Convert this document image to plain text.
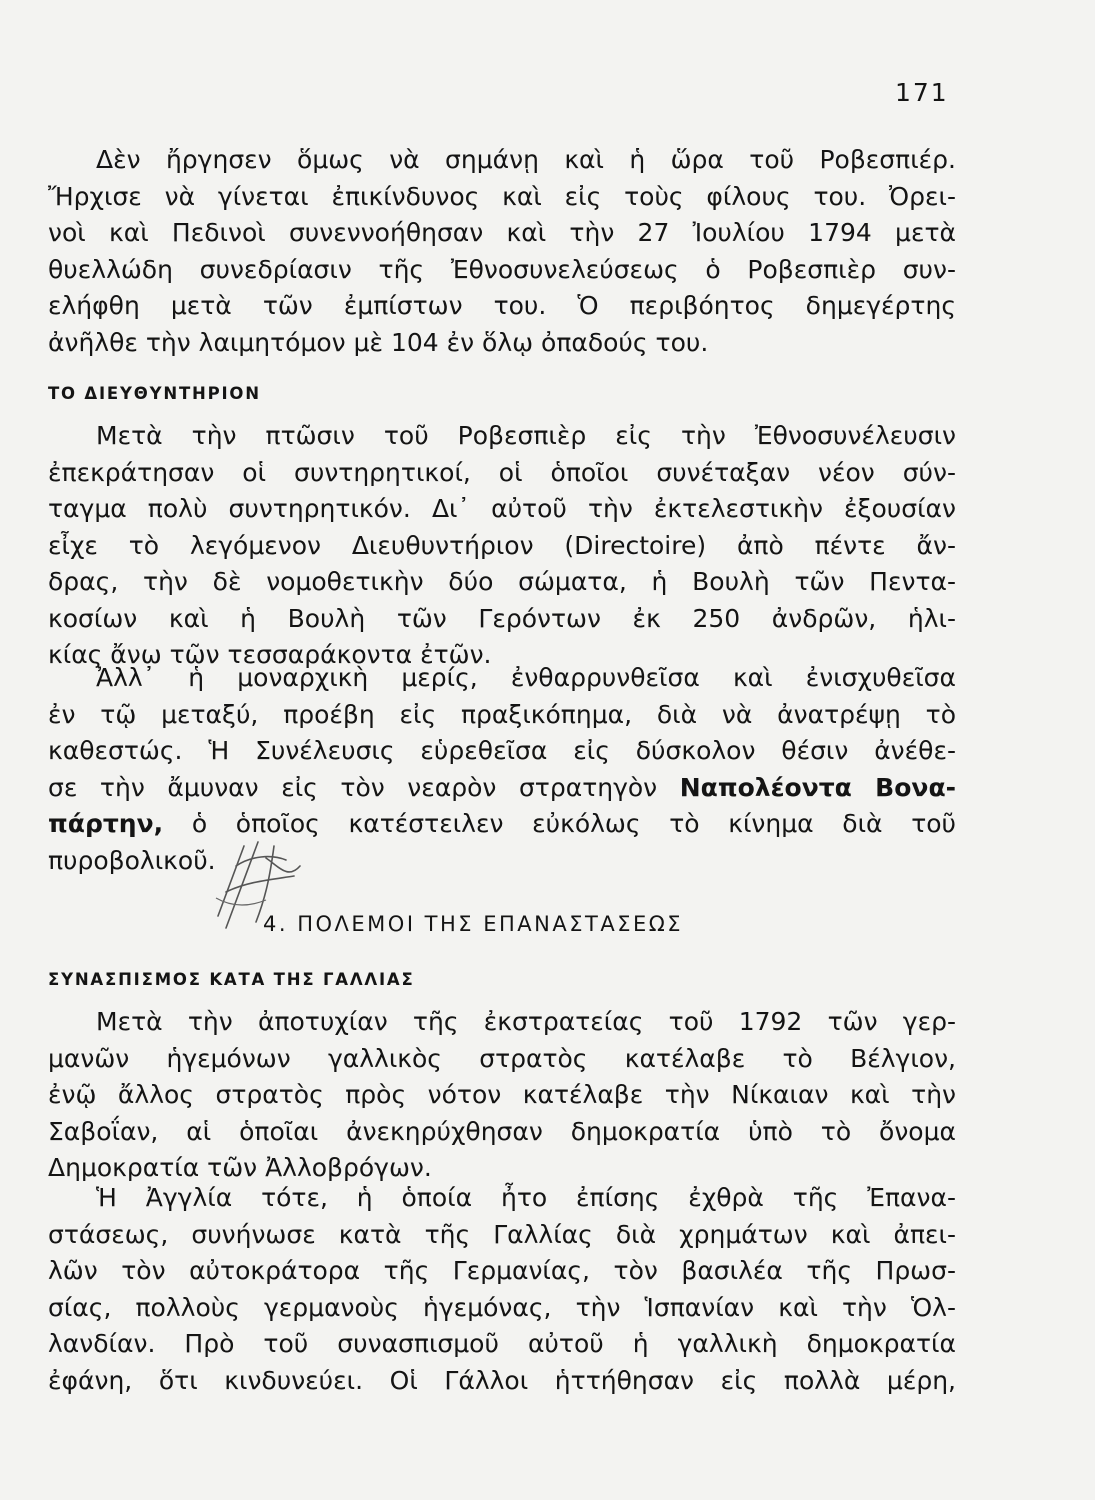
171
Δὲν ἤργησεν ὅμως νὰ σημάνῃ καὶ ἡ ὥρα τοῦ Ροβεσπιέρ.
Ἤρχισε νὰ γίνεται ἐπικίνδυνος καὶ εἰς τοὺς φίλους του. Ὀρει-
νοὶ καὶ Πεδινοὶ συνεννοήθησαν καὶ τὴν 27 Ἰουλίου 1794 μετὰ
θυελλώδη συνεδρίασιν τῆς Ἐθνοσυνελεύσεως ὁ Ροβεσπιὲρ συν-
ελήφθη μετὰ τῶν ἐμπίστων του. Ὁ περιβόητος δημεγέρτης
ἀνῆλθε τὴν λαιμητόμον μὲ 104 ἐν ὅλῳ ὀπαδούς του.
ΤΟ ΔΙΕΥΘΥΝΤΗΡΙΟΝ
Μετὰ τὴν πτῶσιν τοῦ Ροβεσπιὲρ εἰς τὴν Ἐθνοσυνέλευσιν
ἐπεκράτησαν οἱ συντηρητικοί, οἱ ὁποῖοι συνέταξαν νέον σύν-
ταγμα πολὺ συντηρητικόν. Δι᾽ αὐτοῦ τὴν ἐκτελεστικὴν ἐξουσίαν
εἶχε τὸ λεγόμενον Διευθυντήριον (Directoire) ἀπὸ πέντε ἄν-
δρας, τὴν δὲ νομοθετικὴν δύο σώματα, ἡ Βουλὴ τῶν Πεντα-
κοσίων καὶ ἡ Βουλὴ τῶν Γερόντων ἐκ 250 ἀνδρῶν, ἡλι-
κίας ἄνω τῶν τεσσαράκοντα ἐτῶν.
Ἀλλ᾽ ἡ μοναρχικὴ μερίς, ἐνθαρρυνθεῖσα καὶ ἐνισχυθεῖσα
ἐν τῷ μεταξύ, προέβη εἰς πραξικόπημα, διὰ νὰ ἀνατρέψῃ τὸ
καθεστώς. Ἡ Συνέλευσις εὑρεθεῖσα εἰς δύσκολον θέσιν ἀνέθε-
σε τὴν ἄμυναν εἰς τὸν νεαρὸν στρατηγὸν Ναπολέοντα Βονα-
πάρτην, ὁ ὁποῖος κατέστειλεν εὐκόλως τὸ κίνημα διὰ τοῦ
πυροβολικοῦ.
4. ΠΟΛΕΜΟΙ ΤΗΣ ΕΠΑΝΑΣΤΑΣΕΩΣ
ΣΥΝΑΣΠΙΣΜΟΣ ΚΑΤΑ ΤΗΣ ΓΑΛΛΙΑΣ
Μετὰ τὴν ἀποτυχίαν τῆς ἐκστρατείας τοῦ 1792 τῶν γερ-
μανῶν ἡγεμόνων γαλλικὸς στρατὸς κατέλαβε τὸ Βέλγιον,
ἐνῷ ἄλλος στρατὸς πρὸς νότον κατέλαβε τὴν Νίκαιαν καὶ τὴν
Σαβοΐαν, αἱ ὁποῖαι ἀνεκηρύχθησαν δημοκρατία ὑπὸ τὸ ὄνομα
Δημοκρατία τῶν Ἀλλοβρόγων.
Ἡ Ἀγγλία τότε, ἡ ὁποία ἦτο ἐπίσης ἐχθρὰ τῆς Ἐπανα-
στάσεως, συνήνωσε κατὰ τῆς Γαλλίας διὰ χρημάτων καὶ ἀπει-
λῶν τὸν αὐτοκράτορα τῆς Γερμανίας, τὸν βασιλέα τῆς Πρωσ-
σίας, πολλοὺς γερμανοὺς ἡγεμόνας, τὴν Ἱσπανίαν καὶ τὴν Ὁλ-
λανδίαν. Πρὸ τοῦ συνασπισμοῦ αὐτοῦ ἡ γαλλικὴ δημοκρατία
ἐφάνη, ὅτι κινδυνεύει. Οἱ Γάλλοι ἡττήθησαν εἰς πολλὰ μέρη,
